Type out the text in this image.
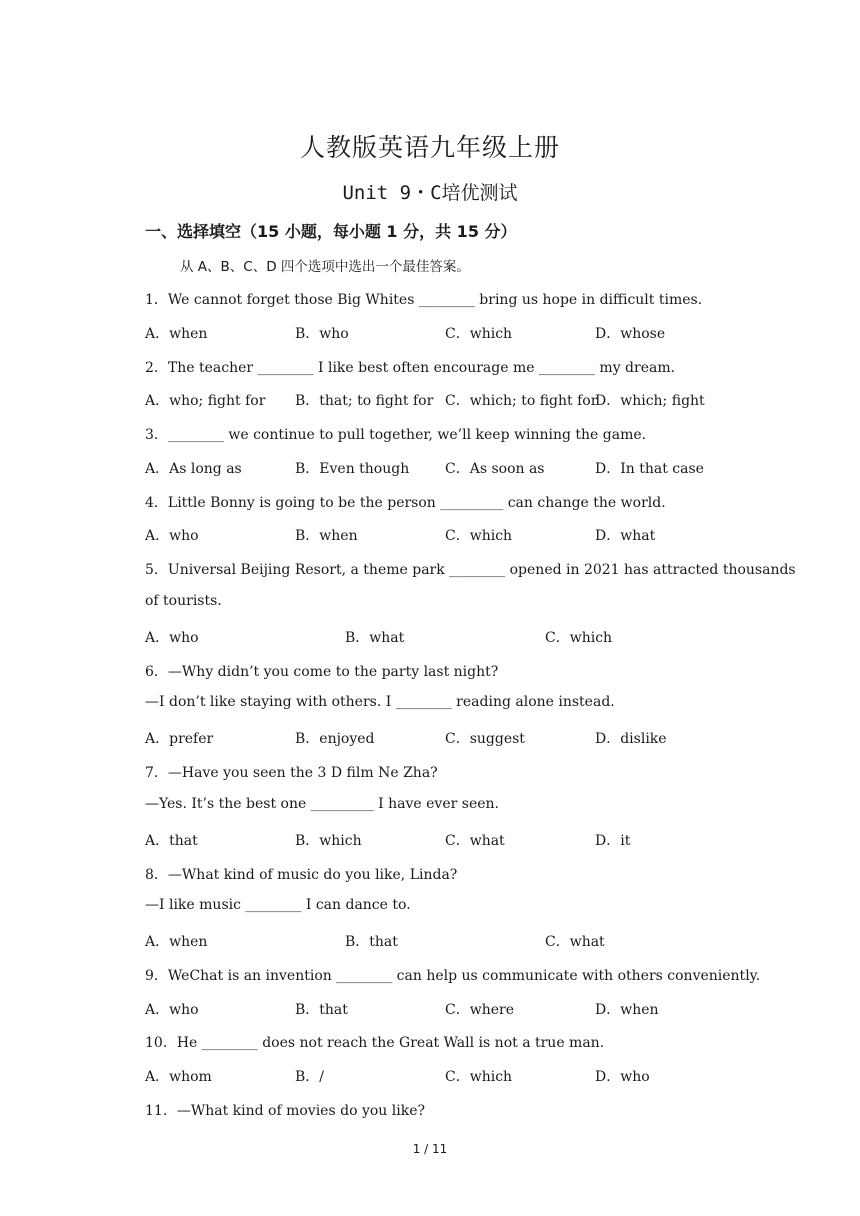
人教版英语九年级上册
Unit 9・C培优测试
一、选择填空（15 小题，每小题 1 分，共 15 分）
从 A、B、C、D 四个选项中选出一个最佳答案。
1．We cannot forget those Big Whites ________ bring us hope in difficult times.
A．when	B．who	C．which	D．whose
2．The teacher ________ I like best often encourage me ________ my dream.
A．who; fight for B．that; to fight for C．which; to fight for
D．which; fight
3．________ we continue to pull together, we’ll keep winning the game.
A．As long as	B．Even though	C．As soon as	D．In that case
4．Little Bonny is going to be the person _________ can change the world.
A．who	B．when	C．which	D．what
5．Universal Beijing Resort, a theme park ________ opened in 2021 has attracted thousands
of tourists.
A．who	B．what	C．which
6．—Why didn’t you come to the party last night?
—I don’t like staying with others. I ________ reading alone instead.
A．prefer	B．enjoyed	C．suggest	D．dislike
7．—Have you seen the 3 D film Ne Zha?
—Yes. It’s the best one _________ I have ever seen.
A．that	B．which	C．what	D．it
8．—What kind of music do you like, Linda?
—I like music ________ I can dance to.
A．when	B．that	C．what
9．WeChat is an invention ________ can help us communicate with others conveniently.
A．who	B．that	C．where	D．when
10．He ________ does not reach the Great Wall is not a true man.
A．whom	B．/	C．which	D．who
11．—What kind of movies do you like?
1 / 11
